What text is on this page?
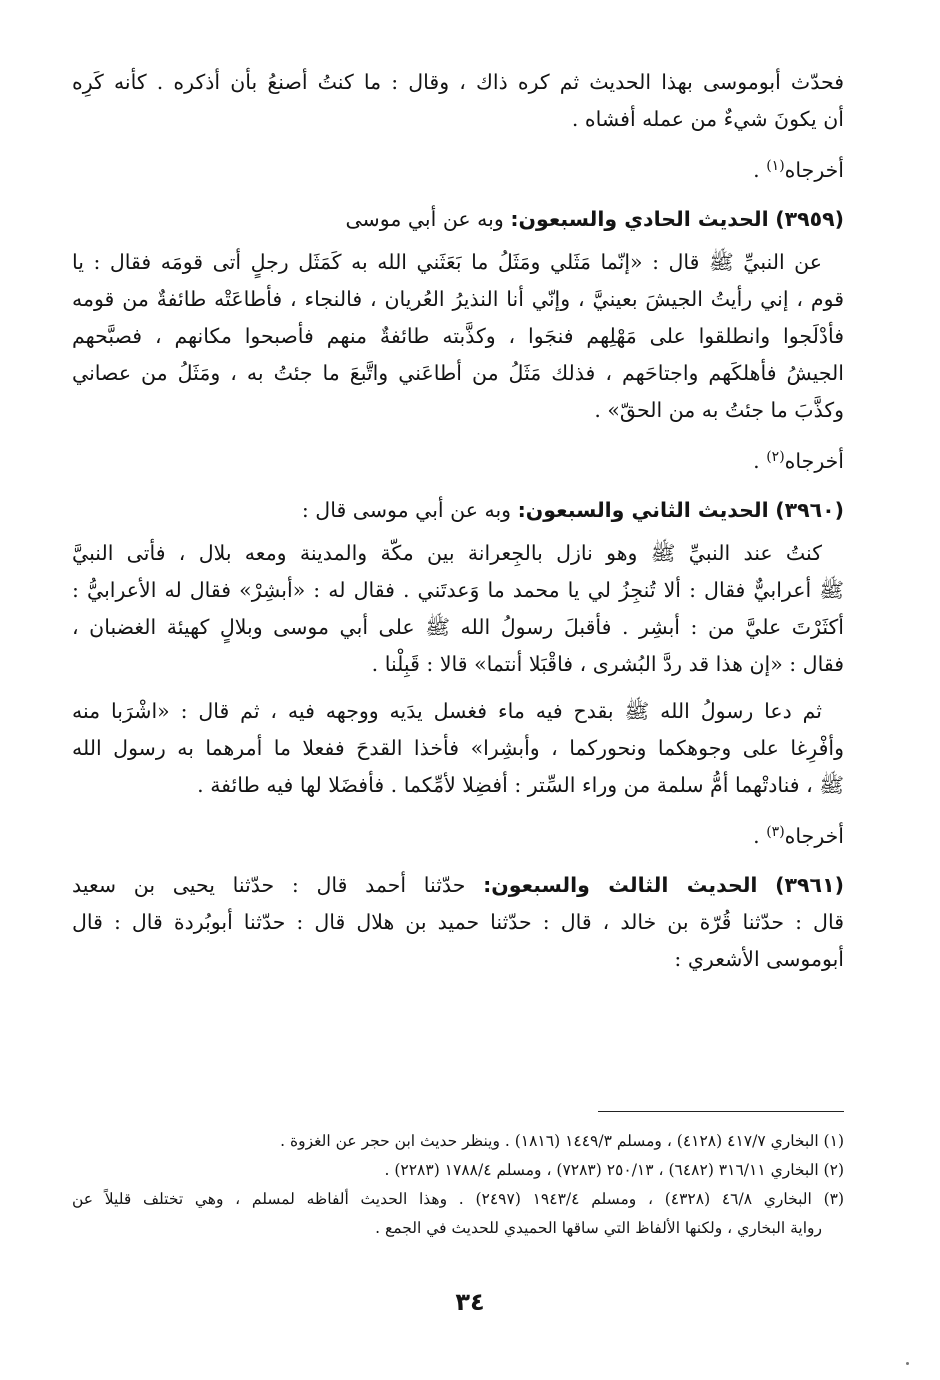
فحدّث أبوموسى بهذا الحديث ثم كره ذاك ، وقال : ما كنتُ أصنعُ بأن أذكره . كأنه كَرِه
أن يكونَ شيءٌ من عمله أفشاه .
أخرجاه$^{(١)}$ .
(٣٩٥٩) الحديث الحادي والسبعون: وبه عن أبي موسى
عن النبيِّ ﷺ قال : «إنّما مَثَلي ومَثَلُ ما بَعَثَني الله به كَمَثَل رجلٍ أتى قومَه فقال : يا
قوم ، إني رأيتُ الجيشَ بعينيَّ ، وإنّي أنا النذيرُ العُريان ، فالنجاء ، فأطاعَتْه طائفةٌ من قومه
فأدْلَجوا وانطلقوا على مَهْلِهم فنجَوا ، وكذَّبته طائفةٌ منهم فأصبحوا مكانهم ، فصبَّحهم
الجيشُ فأهلكَهم واجتاحَهم ، فذلك مَثَلُ من أطاعَني واتَّبعَ ما جئتُ به ، ومَثَلُ من عصاني
وكذَّبَ ما جئتُ به من الحقّ» .
أخرجاه$^{(٢)}$ .
(٣٩٦٠) الحديث الثاني والسبعون: وبه عن أبي موسى قال :
كنتُ عند النبيِّ ﷺ وهو نازل بالجِعرانة بين مكّة والمدينة ومعه بلال ، فأتى النبيَّ
ﷺ أعرابيٌّ فقال : ألا تُنجِزُ لي يا محمد ما وَعدتَني . فقال له : «أبشِرْ» فقال له الأعرابيُّ :
أكثَرْتَ عليَّ من : أبشِر . فأقبلَ رسولُ الله ﷺ على أبي موسى وبلالٍ كهيئة الغضبان ،
فقال : «إن هذا قد ردَّ البُشرى ، فاقْبَلا أنتما» قالا : قَبِلْنا .
ثم دعا رسولُ الله ﷺ بقدح فيه ماء فغسل يدَيه ووجهه فيه ، ثم قال : «اشْرَبا منه
وأفْرِغا على وجوهكما ونحوركما ، وأبشِرا» فأخذا القدحَ ففعلا ما أمرهما به رسول الله
ﷺ ، فنادتْهما أمُّ سلمة من وراء السِّتر : أفضِلا لأمِّكما . فأفضَلا لها فيه طائفة .
أخرجاه$^{(٣)}$ .
(٣٩٦١) الحديث الثالث والسبعون: حدّثنا أحمد قال : حدّثنا يحيى بن سعيد
قال : حدّثنا قُرّة بن خالد ، قال : حدّثنا حميد بن هلال قال : حدّثنا أبوبُردة قال : قال
أبوموسى الأشعري :
(١) البخاري ٤١٧/٧ (٤١٢٨) ، ومسلم ١٤٤٩/٣ (١٨١٦) . وينظر حديث ابن حجر عن الغزوة .
(٢) البخاري ٣١٦/١١ (٦٤٨٢) ، ٢٥٠/١٣ (٧٢٨٣) ، ومسلم ١٧٨٨/٤ (٢٢٨٣) .
(٣) البخاري ٤٦/٨ (٤٣٢٨) ، ومسلم ١٩٤٣/٤ (٢٤٩٧) . وهذا الحديث ألفاظه لمسلم ، وهي تختلف قليلاً عن
رواية البخاري ، ولكنها الألفاظ التي ساقها الحميدي للحديث في الجمع .
٣٤
